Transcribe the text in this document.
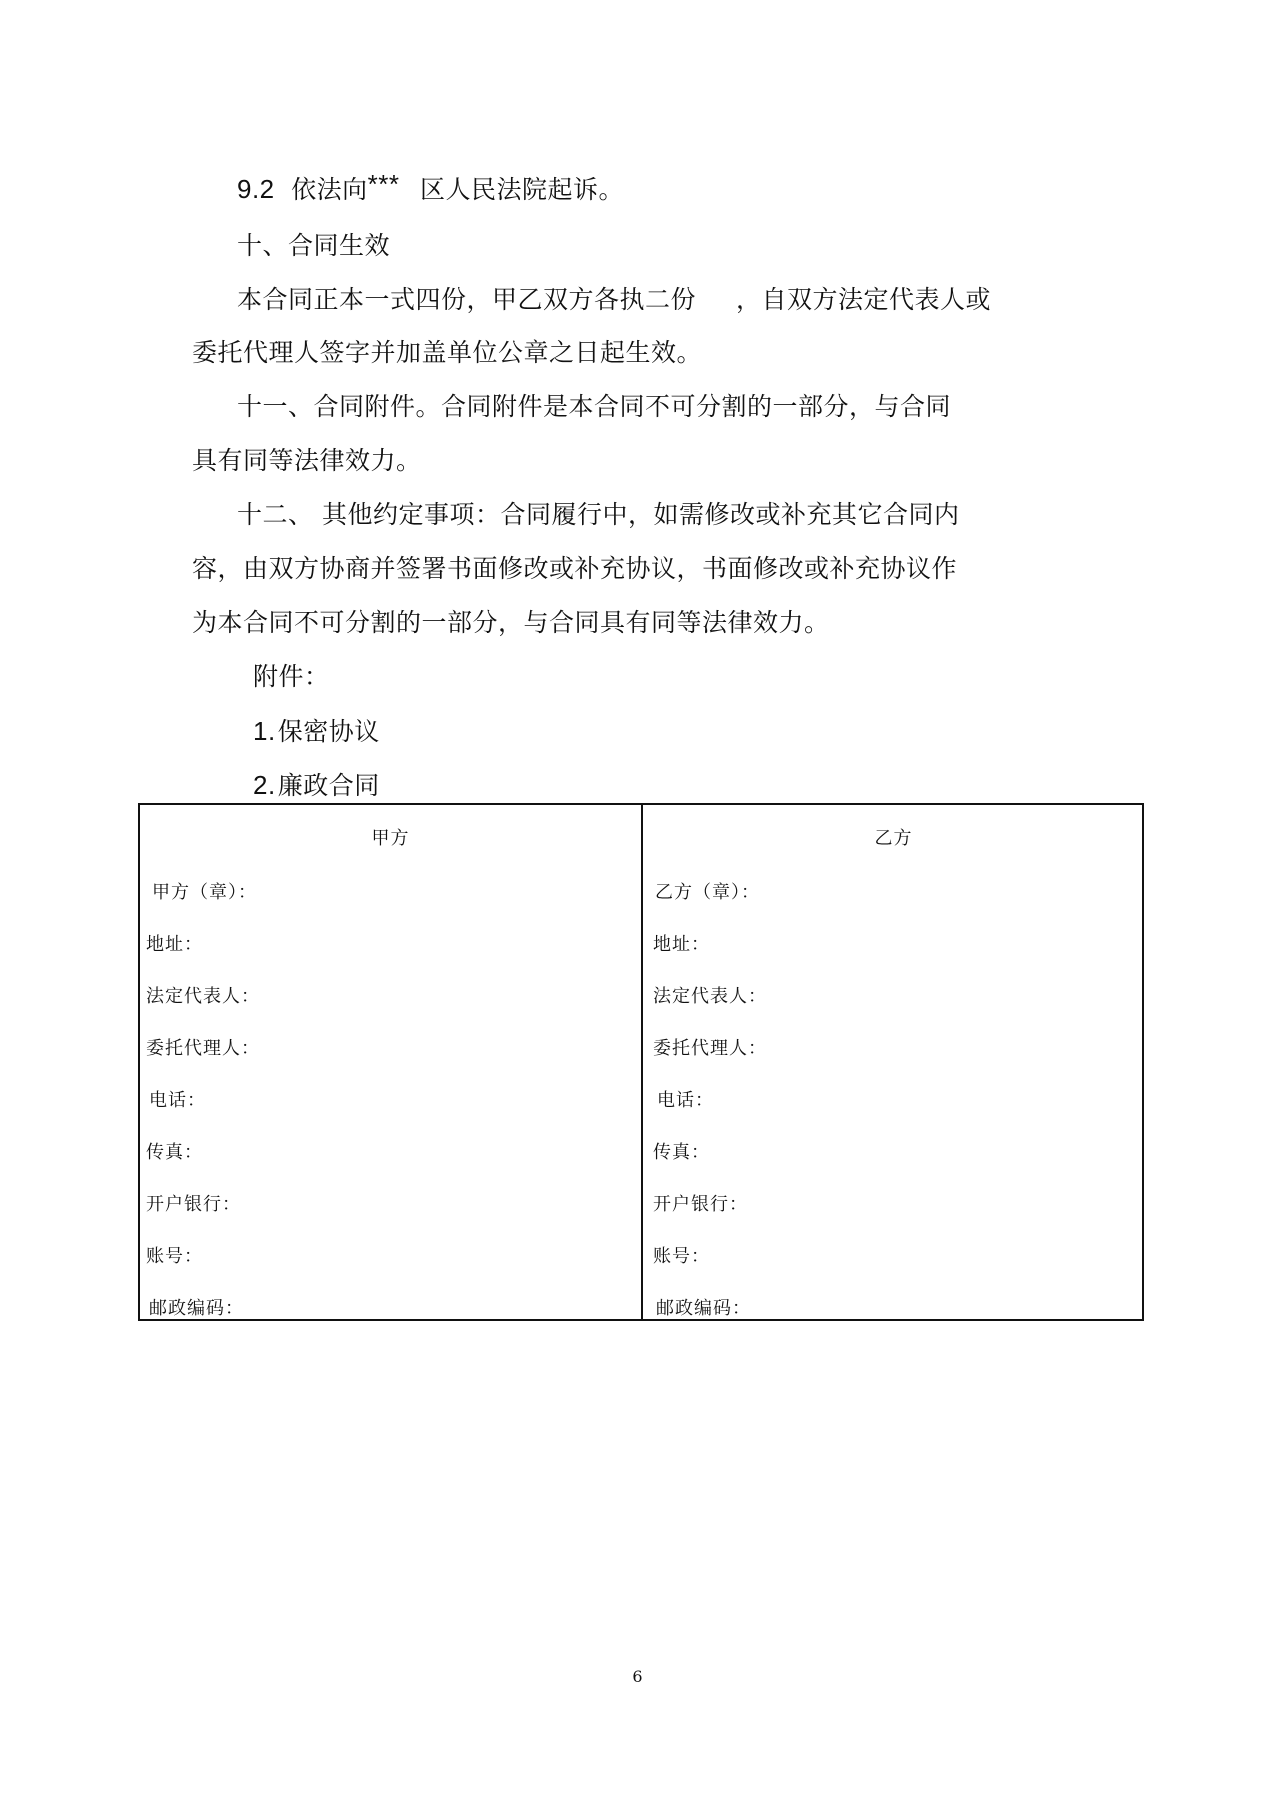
9.2 依法向*** 区人民法院起诉。
十、合同生效
本合同正本一式四份，甲乙双方各执二份 ，自双方法定代表人或
委托代理人签字并加盖单位公章之日起生效。
十一、合同附件。合同附件是本合同不可分割的一部分，与合同
具有同等法律效力。
十二、 其他约定事项：合同履行中，如需修改或补充其它合同内
容，由双方协商并签署书面修改或补充协议，书面修改或补充协议作
为本合同不可分割的一部分，与合同具有同等法律效力。
附件：
1.保密协议
2.廉政合同
甲方
甲方（章）：
地址：
法定代表人：
委托代理人：
电话：
传真：
开户银行：
账号：
邮政编码：
乙方
乙方（章）：
地址：
法定代表人：
委托代理人：
电话：
传真：
开户银行：
账号：
邮政编码：
6
